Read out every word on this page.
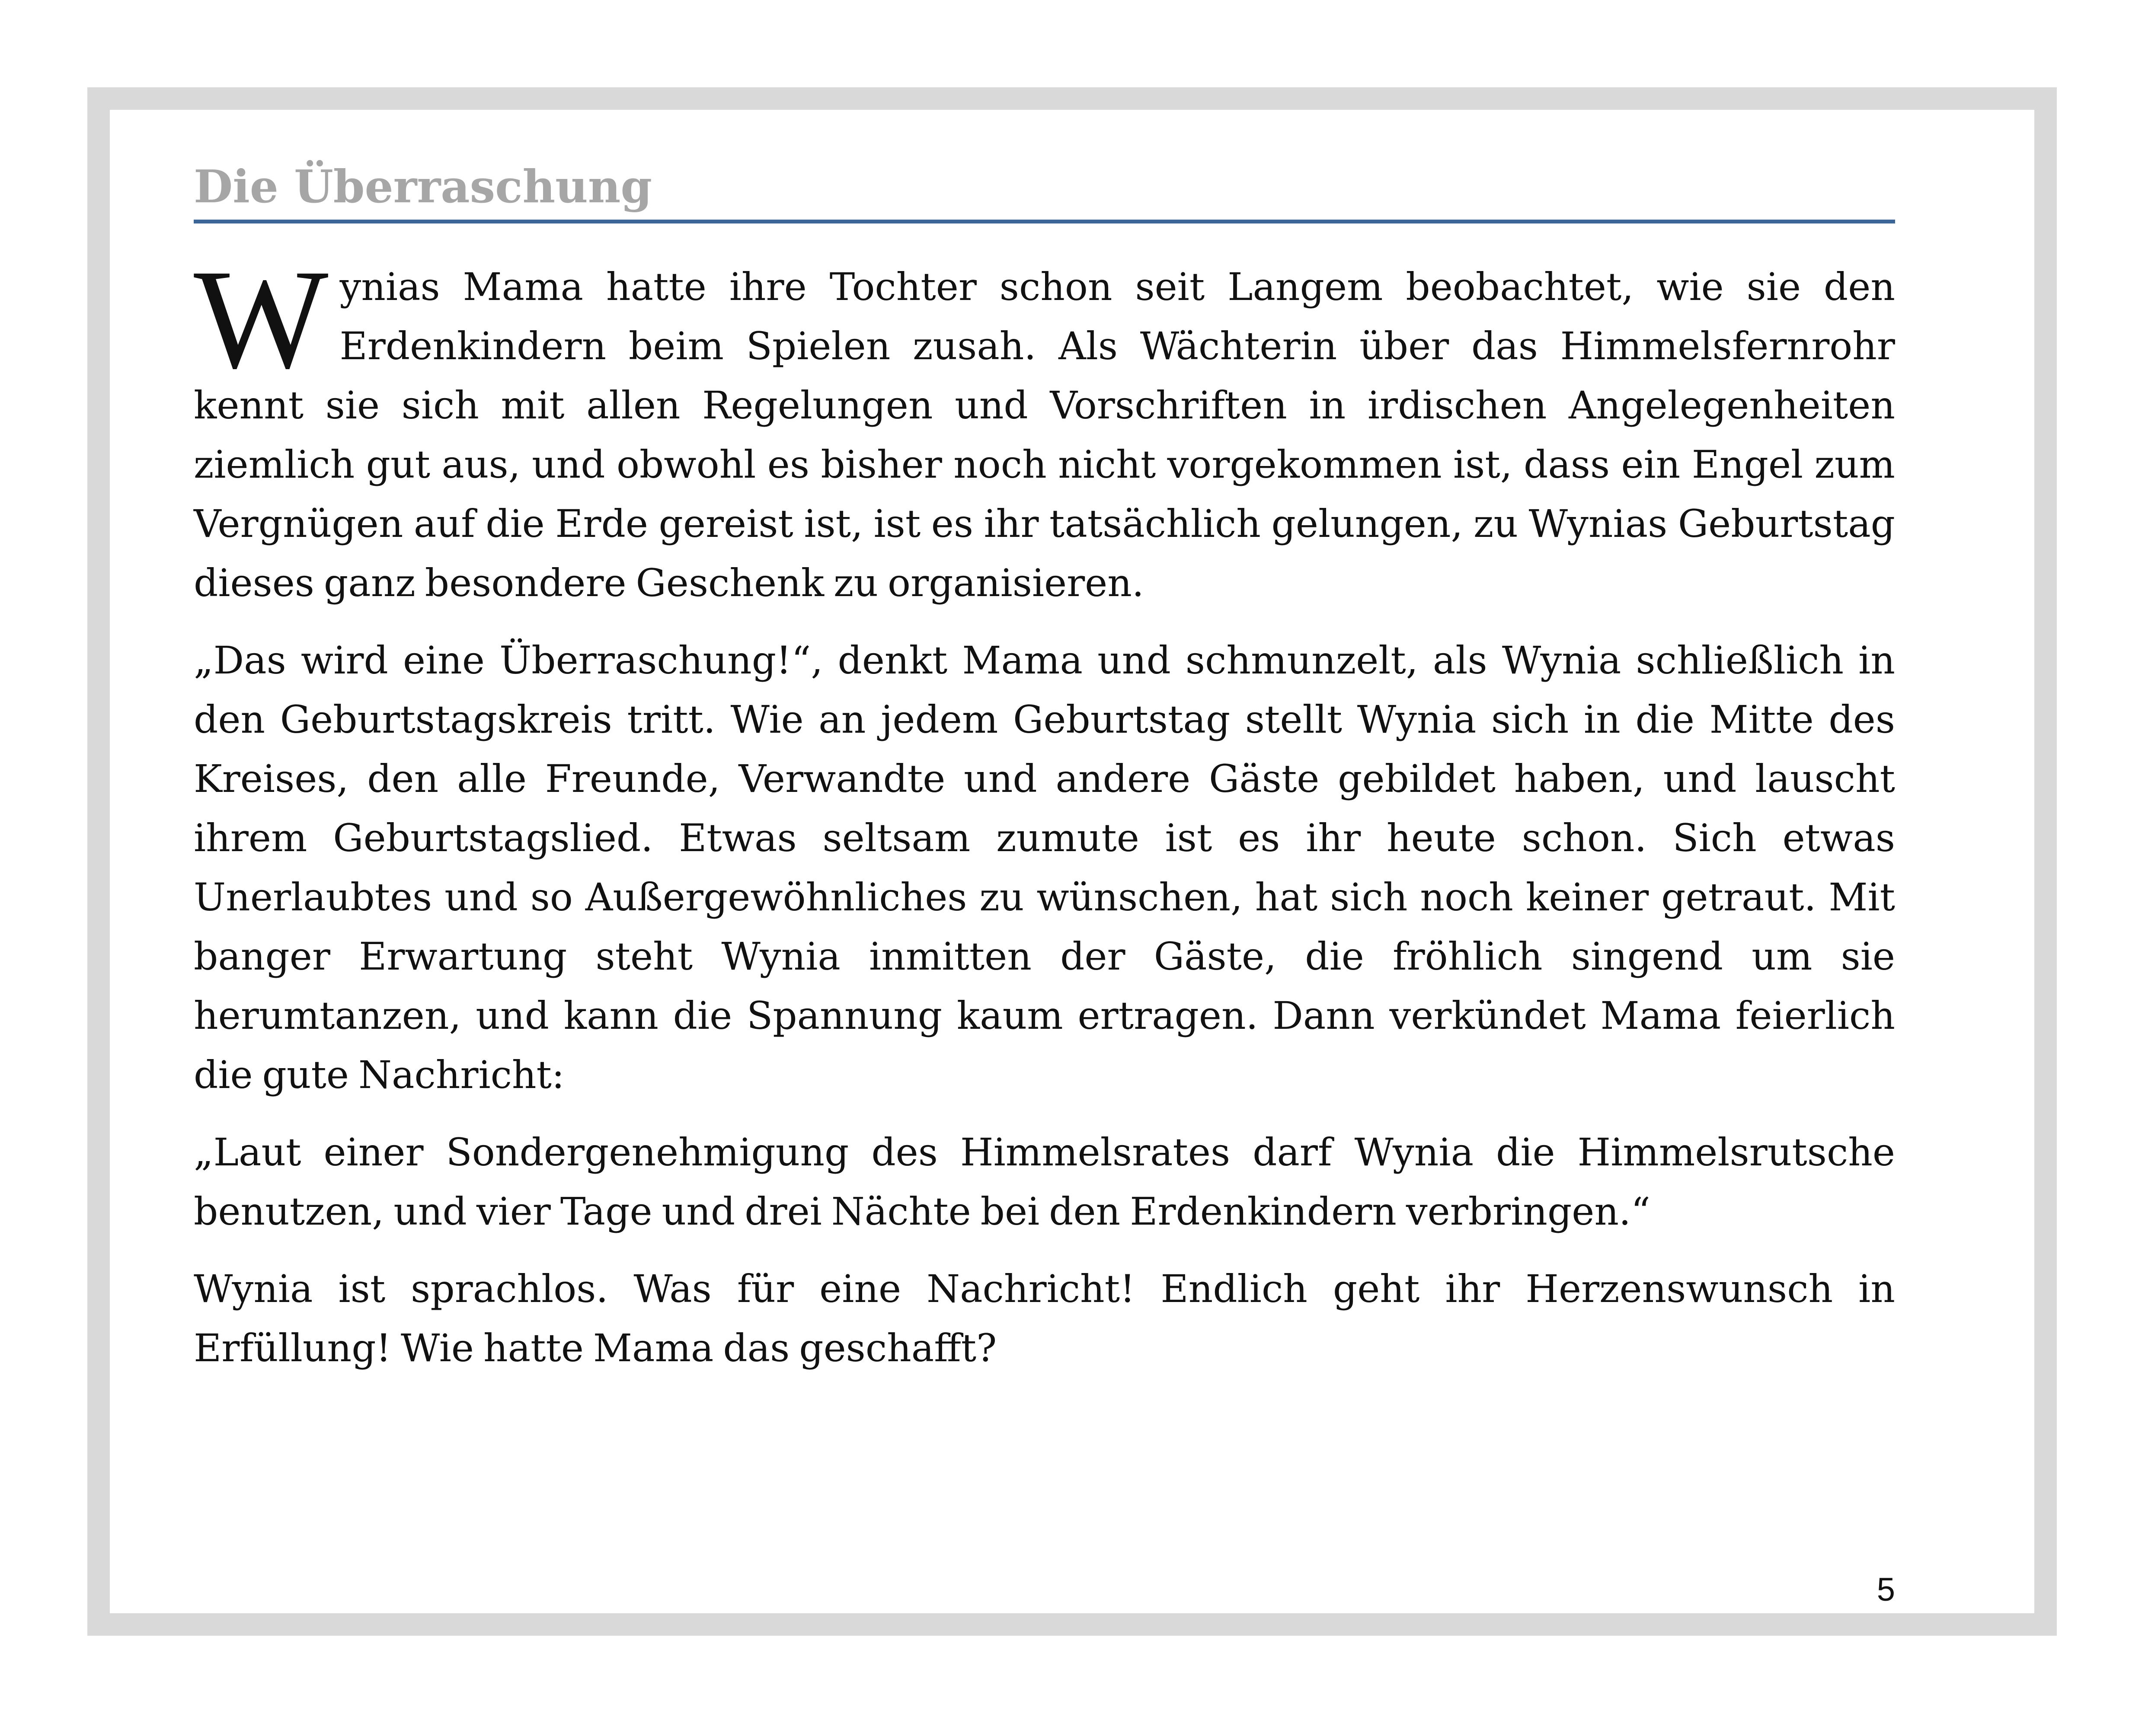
Die Überraschung

Wynias Mama hatte ihre Tochter schon seit Langem beobachtet, wie sie den Erdenkindern beim Spielen zusah. Als Wächterin über das Himmelsfernrohr kennt sie sich mit allen Regelungen und Vorschriften in irdischen Angelegenheiten ziemlich gut aus, und obwohl es bisher noch nicht vorgekommen ist, dass ein Engel zum Vergnügen auf die Erde gereist ist, ist es ihr tatsächlich gelungen, zu Wynias Geburtstag dieses ganz besondere Geschenk zu organisieren.

„Das wird eine Überraschung!“, denkt Mama und schmunzelt, als Wynia schließlich in den Geburtstagskreis tritt. Wie an jedem Geburtstag stellt Wynia sich in die Mitte des Kreises, den alle Freunde, Verwandte und andere Gäste gebildet haben, und lauscht ihrem Geburtstagslied. Etwas seltsam zumute ist es ihr heute schon. Sich etwas Unerlaubtes und so Außergewöhnliches zu wünschen, hat sich noch keiner getraut. Mit banger Erwartung steht Wynia inmitten der Gäste, die fröhlich singend um sie herumtanzen, und kann die Spannung kaum ertragen. Dann verkündet Mama feierlich die gute Nachricht:

„Laut einer Sondergenehmigung des Himmelsrates darf Wynia die Himmelsrutsche benutzen, und vier Tage und drei Nächte bei den Erdenkindern verbringen.“

Wynia ist sprachlos. Was für eine Nachricht! Endlich geht ihr Herzenswunsch in Erfüllung! Wie hatte Mama das geschafft?

5
